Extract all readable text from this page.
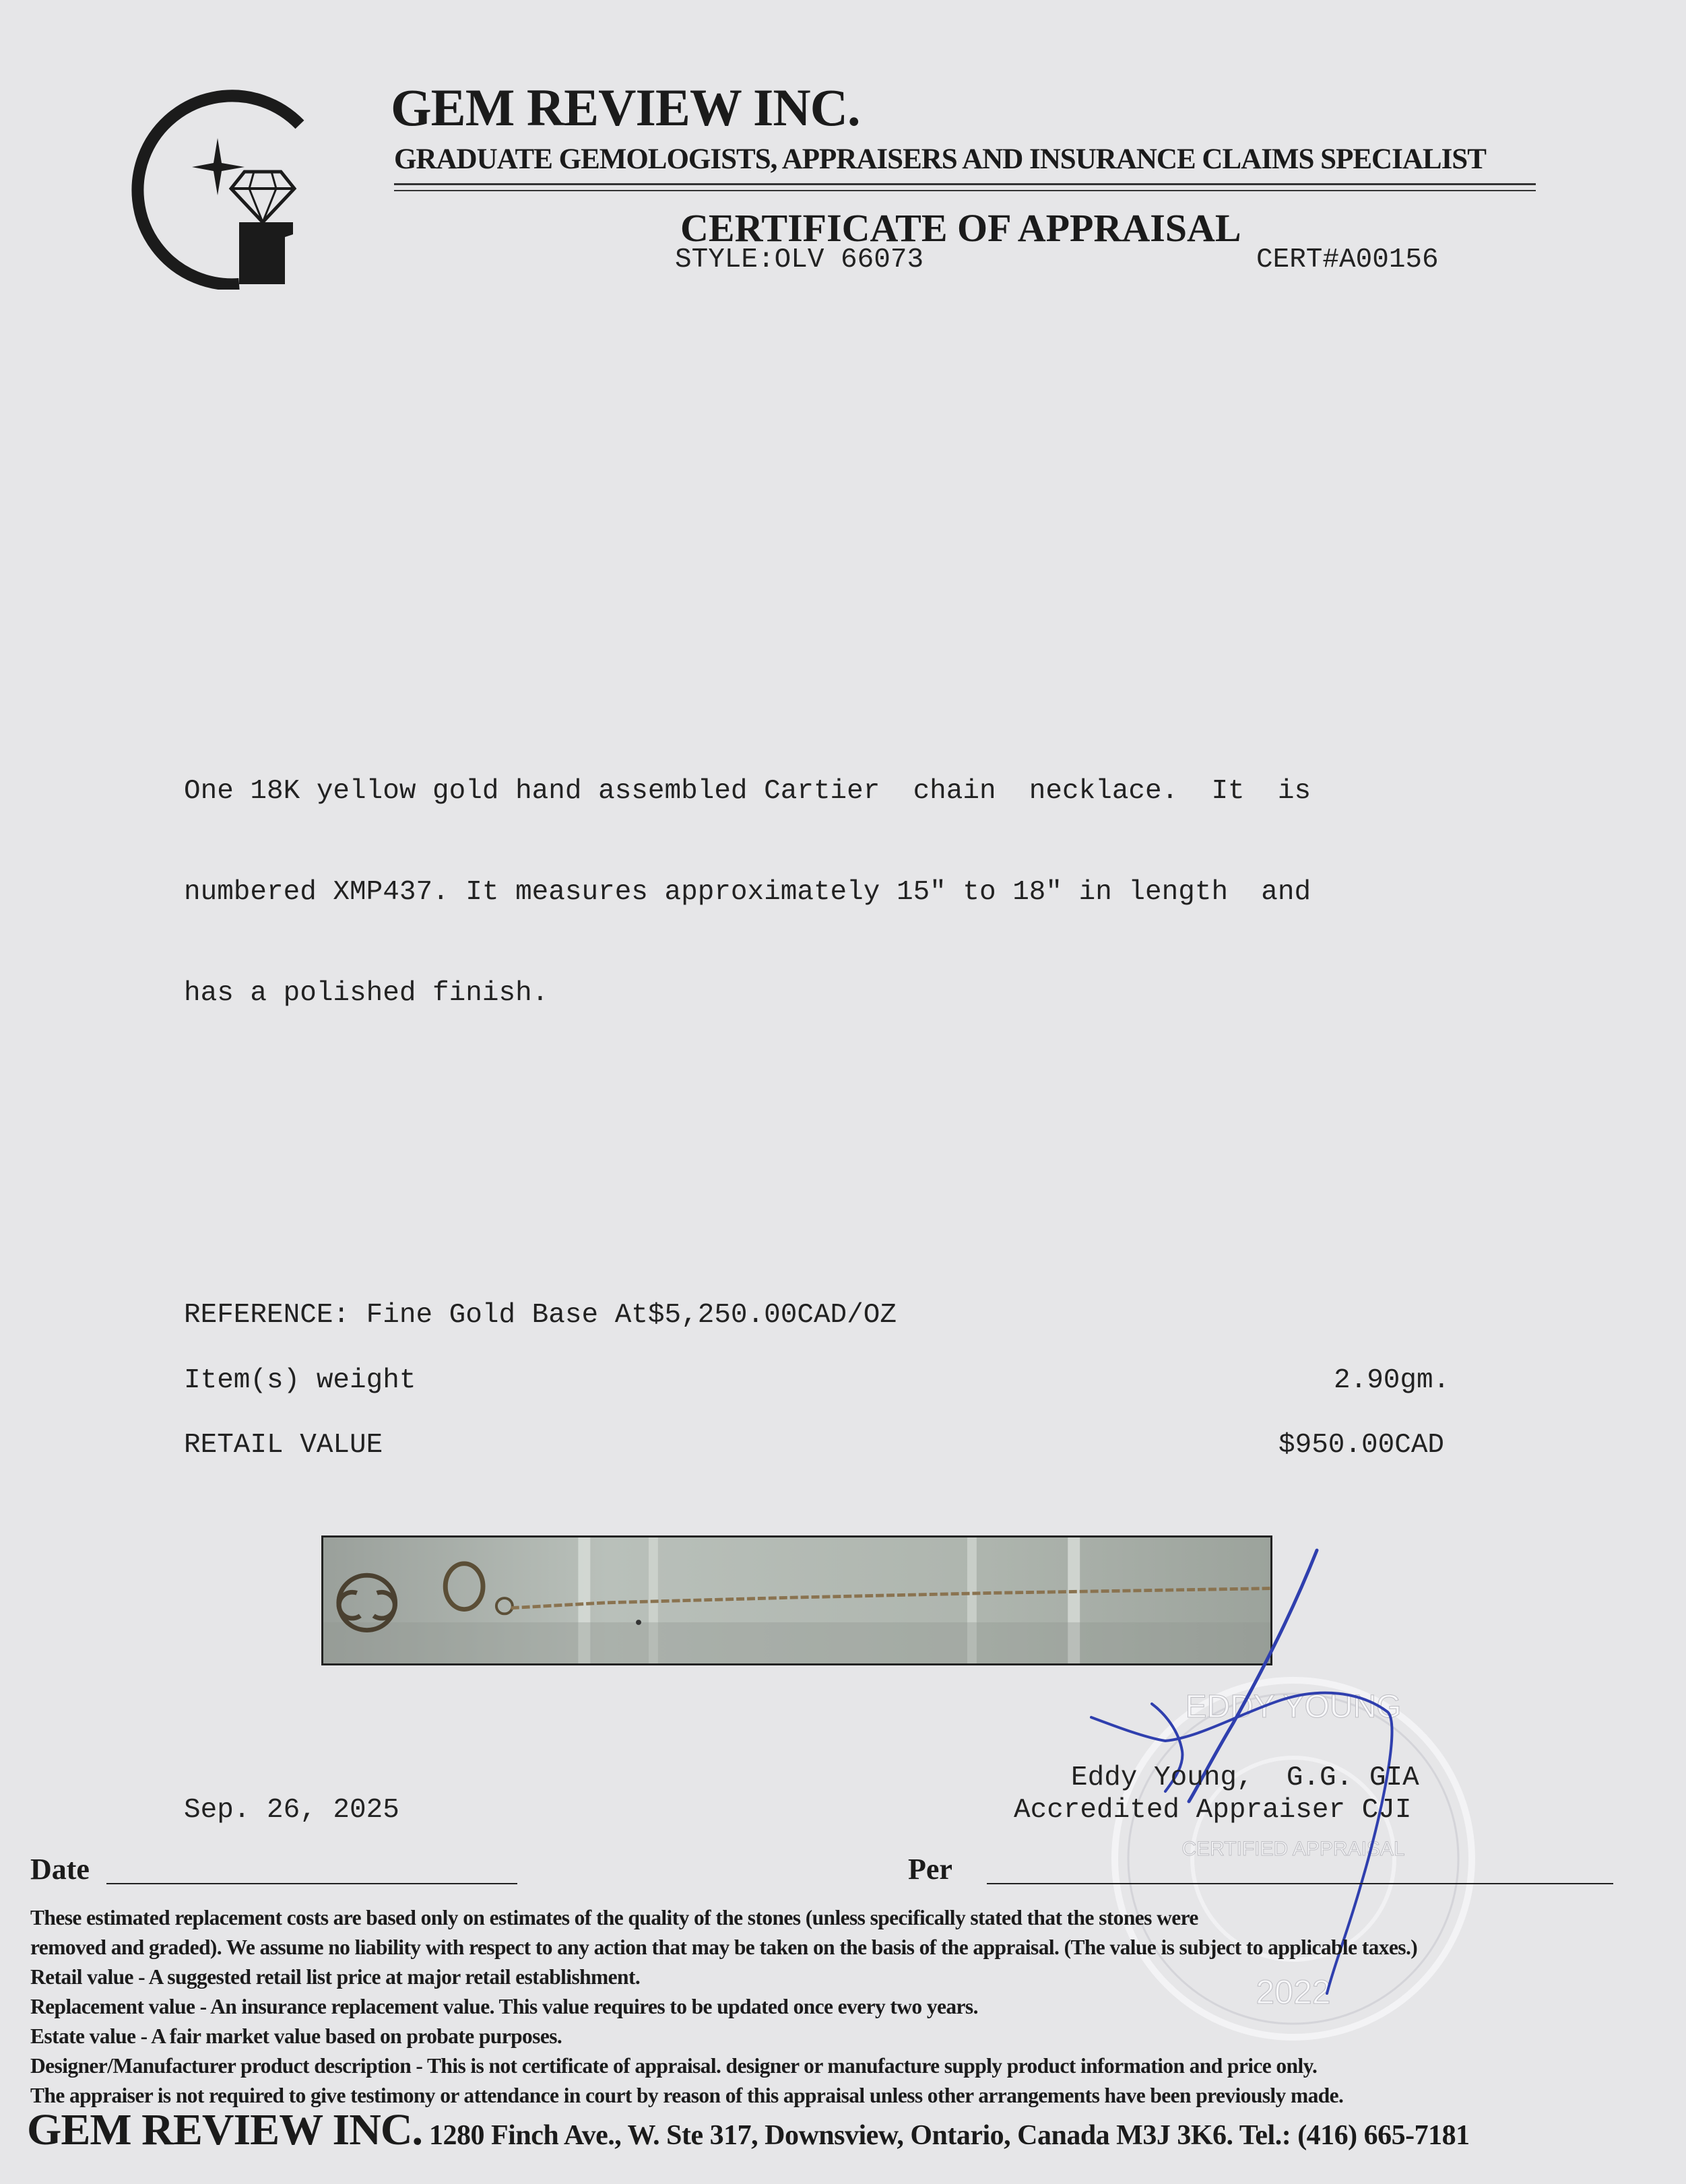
GEM REVIEW INC.
GRADUATE GEMOLOGISTS, APPRAISERS AND INSURANCE CLAIMS SPECIALIST
CERTIFICATE OF APPRAISAL
STYLE:OLV 66073	CERT#A00156

One 18K yellow gold hand assembled Cartier  chain  necklace.  It  is

numbered XMP437. It measures approximately 15" to 18" in length  and

has a polished finish.

REFERENCE: Fine Gold Base At$5,250.00CAD/OZ
Item(s) weight	2.90gm.
RETAIL VALUE	$950.00CAD
EDDY YOUNG
CERTIFIED APPRAISAL
2022
Eddy Young,  G.G. GIA
Accredited Appraiser CJI
Sep. 26, 2025
Date	Per
These estimated replacement costs are based only on estimates of the quality of the stones (unless specifically stated that the stones were
removed and graded). We assume no liability with respect to any action that may be taken on the basis of the appraisal. (The value is subject to applicable taxes.)
Retail value - A suggested retail list price at major retail establishment.
Replacement value - An insurance replacement value. This value requires to be updated once every two years.
Estate value - A fair market value based on probate purposes.
Designer/Manufacturer product description - This is not certificate of appraisal. designer or manufacture supply product information and price only.
The appraiser is not required to give testimony or attendance in court by reason of this appraisal unless other arrangements have been previously made.
GEM REVIEW INC. 1280 Finch Ave., W. Ste 317, Downsview, Ontario, Canada M3J 3K6. Tel.: (416) 665-7181
